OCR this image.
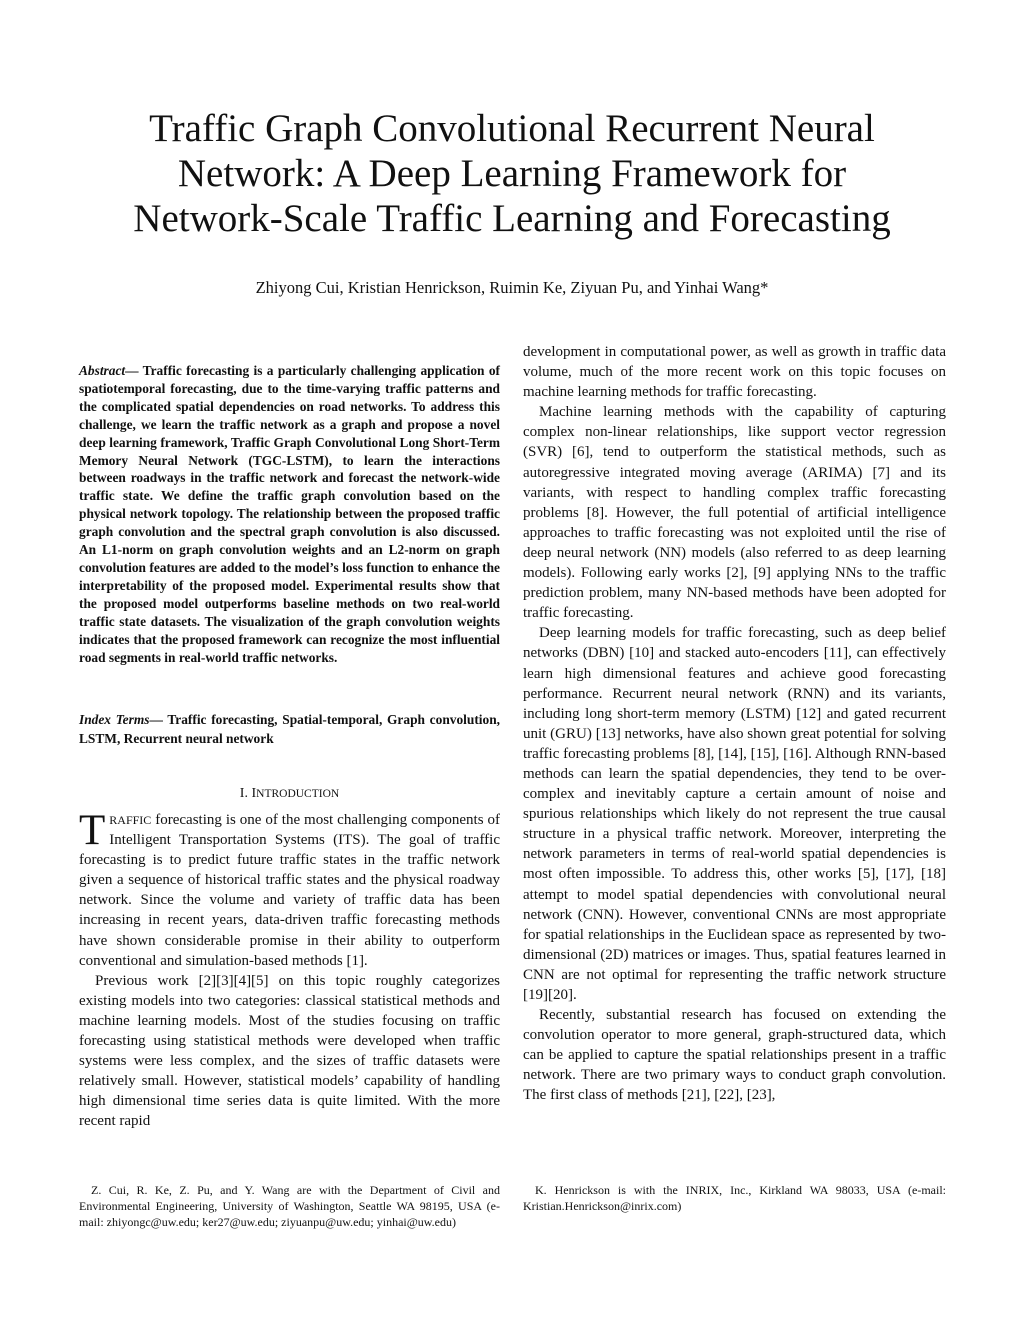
Traffic Graph Convolutional Recurrent Neural
Network: A Deep Learning Framework for
Network-Scale Traffic Learning and Forecasting

Zhiyong Cui, Kristian Henrickson, Ruimin Ke, Ziyuan Pu, and Yinhai Wang*

Abstract— Traffic forecasting is a particularly challenging application of spatiotemporal forecasting, due to the time-varying traffic patterns and the complicated spatial dependencies on road networks. To address this challenge, we learn the traffic network as a graph and propose a novel deep learning framework, Traffic Graph Convolutional Long Short-Term Memory Neural Network (TGC-LSTM), to learn the interactions between roadways in the traffic network and forecast the network-wide traffic state. We define the traffic graph convolution based on the physical network topology. The relationship between the proposed traffic graph convolution and the spectral graph convolution is also discussed. An L1-norm on graph convolution weights and an L2-norm on graph convolution features are added to the model’s loss function to enhance the interpretability of the proposed model. Experimental results show that the proposed model outperforms baseline methods on two real-world traffic state datasets. The visualization of the graph convolution weights indicates that the proposed framework can recognize the most influential road segments in real-world traffic networks.

Index Terms— Traffic forecasting, Spatial-temporal, Graph convolution, LSTM, Recurrent neural network

I. INTRODUCTION

TRAFFIC forecasting is one of the most challenging components of Intelligent Transportation Systems (ITS). The goal of traffic forecasting is to predict future traffic states in the traffic network given a sequence of historical traffic states and the physical roadway network. Since the volume and variety of traffic data has been increasing in recent years, data-driven traffic forecasting methods have shown considerable promise in their ability to outperform conventional and simulation-based methods [1].

Previous work [2][3][4][5] on this topic roughly categorizes existing models into two categories: classical statistical methods and machine learning models. Most of the studies focusing on traffic forecasting using statistical methods were developed when traffic systems were less complex, and the sizes of traffic datasets were relatively small. However, statistical models’ capability of handling high dimensional time series data is quite limited. With the more recent rapid

development in computational power, as well as growth in traffic data volume, much of the more recent work on this topic focuses on machine learning methods for traffic forecasting.

Machine learning methods with the capability of capturing complex non-linear relationships, like support vector regression (SVR) [6], tend to outperform the statistical methods, such as autoregressive integrated moving average (ARIMA) [7] and its variants, with respect to handling complex traffic forecasting problems [8]. However, the full potential of artificial intelligence approaches to traffic forecasting was not exploited until the rise of deep neural network (NN) models (also referred to as deep learning models). Following early works [2], [9] applying NNs to the traffic prediction problem, many NN-based methods have been adopted for traffic forecasting.

Deep learning models for traffic forecasting, such as deep belief networks (DBN) [10] and stacked auto-encoders [11], can effectively learn high dimensional features and achieve good forecasting performance. Recurrent neural network (RNN) and its variants, including long short-term memory (LSTM) [12] and gated recurrent unit (GRU) [13] networks, have also shown great potential for solving traffic forecasting problems [8], [14], [15], [16]. Although RNN-based methods can learn the spatial dependencies, they tend to be over-complex and inevitably capture a certain amount of noise and spurious relationships which likely do not represent the true causal structure in a physical traffic network. Moreover, interpreting the network parameters in terms of real-world spatial dependencies is most often impossible. To address this, other works [5], [17], [18] attempt to model spatial dependencies with convolutional neural network (CNN). However, conventional CNNs are most appropriate for spatial relationships in the Euclidean space as represented by two-dimensional (2D) matrices or images. Thus, spatial features learned in CNN are not optimal for representing the traffic network structure [19][20].

Recently, substantial research has focused on extending the convolution operator to more general, graph-structured data, which can be applied to capture the spatial relationships present in a traffic network. There are two primary ways to conduct graph convolution. The first class of methods [21], [22], [23],

Z. Cui, R. Ke, Z. Pu, and Y. Wang are with the Department of Civil and Environmental Engineering, University of Washington, Seattle WA 98195, USA (e-mail: zhiyongc@uw.edu; ker27@uw.edu; ziyuanpu@uw.edu; yinhai@uw.edu)

K. Henrickson is with the INRIX, Inc., Kirkland WA 98033, USA (e-mail: Kristian.Henrickson@inrix.com)
